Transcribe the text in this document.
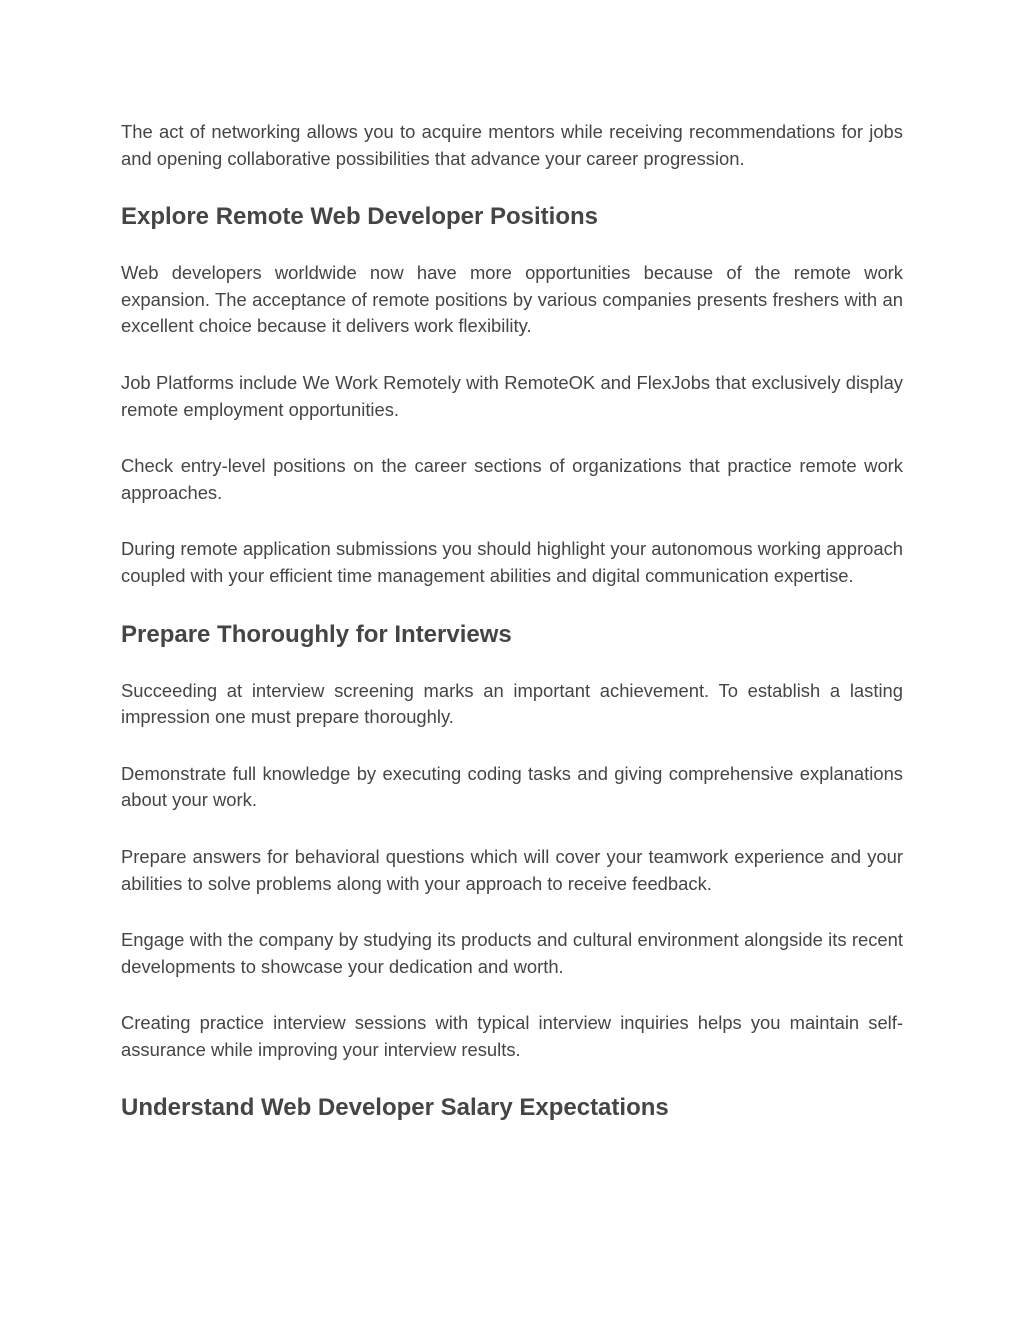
The act of networking allows you to acquire mentors while receiving recommendations for jobs and opening collaborative possibilities that advance your career progression.

Explore Remote Web Developer Positions

Web developers worldwide now have more opportunities because of the remote work expansion. The acceptance of remote positions by various companies presents freshers with an excellent choice because it delivers work flexibility.

Job Platforms include We Work Remotely with RemoteOK and FlexJobs that exclusively display remote employment opportunities.

Check entry-level positions on the career sections of organizations that practice remote work approaches.

During remote application submissions you should highlight your autonomous working approach coupled with your efficient time management abilities and digital communication expertise.

Prepare Thoroughly for Interviews

Succeeding at interview screening marks an important achievement. To establish a lasting impression one must prepare thoroughly.

Demonstrate full knowledge by executing coding tasks and giving comprehensive explanations about your work.

Prepare answers for behavioral questions which will cover your teamwork experience and your abilities to solve problems along with your approach to receive feedback.

Engage with the company by studying its products and cultural environment alongside its recent developments to showcase your dedication and worth.

Creating practice interview sessions with typical interview inquiries helps you maintain self-assurance while improving your interview results.

Understand Web Developer Salary Expectations
